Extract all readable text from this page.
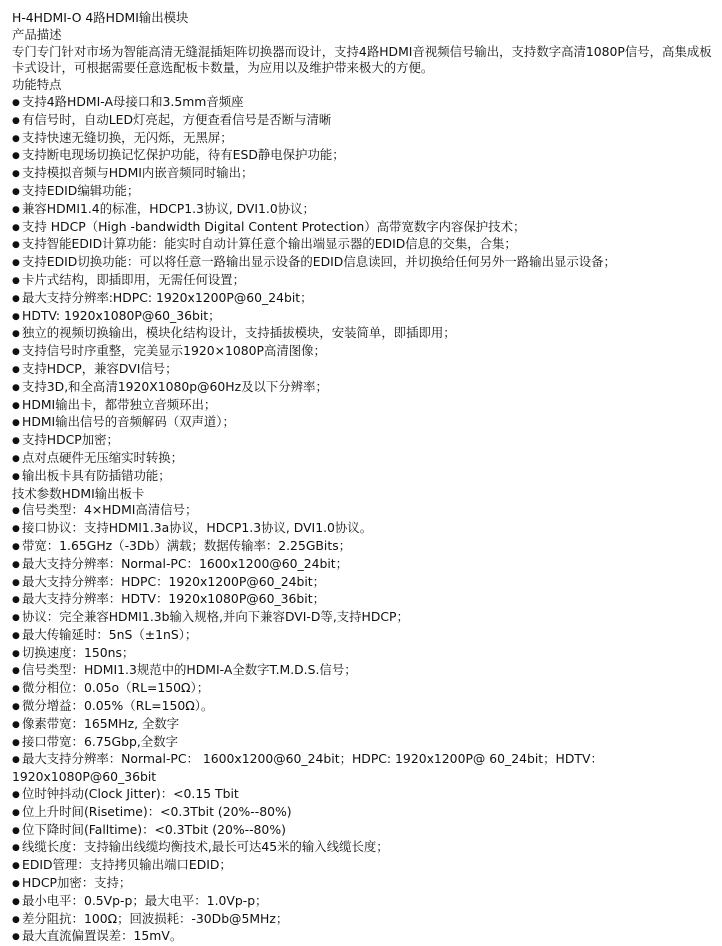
H-4HDMI-O 4路HDMI输出模块

产品描述

专门专门针对市场为智能高清无缝混插矩阵切换器而设计，支持4路HDMI音视频信号输出，支持数字高清1080P信号，高集成板卡式设计，可根据需要任意选配板卡数量，为应用以及维护带来极大的方便。

功能特点

● 支持4路HDMI-A母接口和3.5mm音频座
● 有信号时，自动LED灯亮起，方便查看信号是否断与清晰
● 支持快速无缝切换，无闪烁，无黑屏；
● 支持断电现场切换记忆保护功能，待有ESD静电保护功能；
● 支持模拟音频与HDMI内嵌音频同时输出；
● 支持EDID编辑功能；
● 兼容HDMI1.4的标准，HDCP1.3协议, DVI1.0协议；
● 支持 HDCP（High -bandwidth Digital Content Protection）高带宽数字内容保护技术；
● 支持智能EDID计算功能：能实时自动计算任意个输出端显示器的EDID信息的交集，合集；
● 支持EDID切换功能：可以将任意一路输出显示设备的EDID信息读回，并切换给任何另外一路输出显示设备；
● 卡片式结构，即插即用，无需任何设置；
● 最大支持分辨率:HDPC: 1920x1200P@60_24bit；
● HDTV: 1920x1080P@60_36bit；
● 独立的视频切换输出，模块化结构设计，支持插拔模块，安装简单，即插即用；
● 支持信号时序重整，完美显示1920×1080P高清图像；
● 支持HDCP，兼容DVI信号；
● 支持3D,和全高清1920X1080p@60Hz及以下分辨率；
● HDMI输出卡，都带独立音频环出；
● HDMI输出信号的音频解码（双声道）；
● 支持HDCP加密；
● 点对点硬件无压缩实时转换；
● 输出板卡具有防插错功能；

技术参数HDMI输出板卡

● 信号类型：4×HDMI高清信号；
● 接口协议：支持HDMI1.3a协议，HDCP1.3协议, DVI1.0协议。
● 带宽：1.65GHz（-3Db）满载；数据传输率：2.25GBits；
● 最大支持分辨率：Normal-PC：1600x1200@60_24bit；
● 最大支持分辨率：HDPC：1920x1200P@60_24bit；
● 最大支持分辨率：HDTV：1920x1080P@60_36bit；
● 协议：完全兼容HDMI1.3b输入规格,并向下兼容DVI-D等,支持HDCP；
● 最大传输延时：5nS（±1nS）；
● 切换速度：150ns；
● 信号类型：HDMI1.3规范中的HDMI-A全数字T.M.D.S.信号；
● 微分相位：0.05o（RL=150Ω）；
● 微分增益：0.05%（RL=150Ω）。
● 像素带宽：165MHz, 全数字
● 接口带宽：6.75Gbp,全数字
● 最大支持分辨率：Normal-PC： 1600x1200@60_24bit；HDPC: 1920x1200P@ 60_24bit；HDTV：1920x1080P@60_36bit
● 位时钟抖动(Clock Jitter)：<0.15 Tbit
● 位上升时间(Risetime)：<0.3Tbit (20%--80%)
● 位下降时间(Falltime)：<0.3Tbit (20%--80%)
● 线缆长度：支持输出线缆均衡技术,最长可达45米的输入线缆长度；
● EDID管理：支持拷贝输出端口EDID；
● HDCP加密：支持；
● 最小电平：0.5Vp-p；最大电平：1.0Vp-p；
● 差分阻抗：100Ω；回波损耗：-30Db@5MHz；
● 最大直流偏置误差：15mV。
